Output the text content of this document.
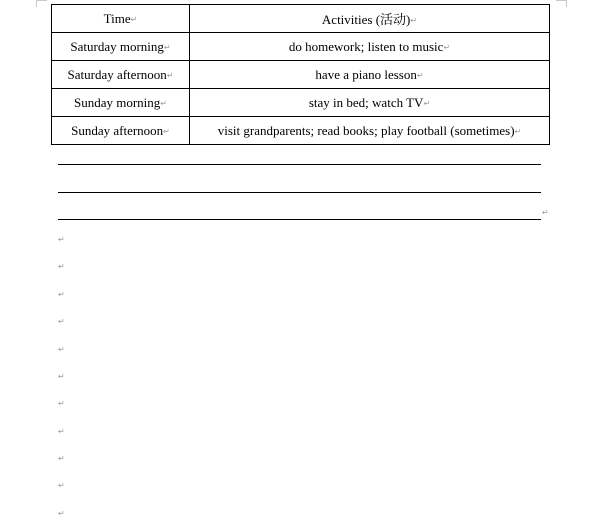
Time↵	Activities (活动)↵
Saturday morning↵	do homework; listen to music↵
Saturday afternoon↵	have a piano lesson↵
Sunday morning↵	stay in bed; watch TV↵
Sunday afternoon↵	visit grandparents; read books; play football (sometimes)↵
↵
↵
↵
↵
↵
↵
↵
↵
↵
↵
↵
↵
